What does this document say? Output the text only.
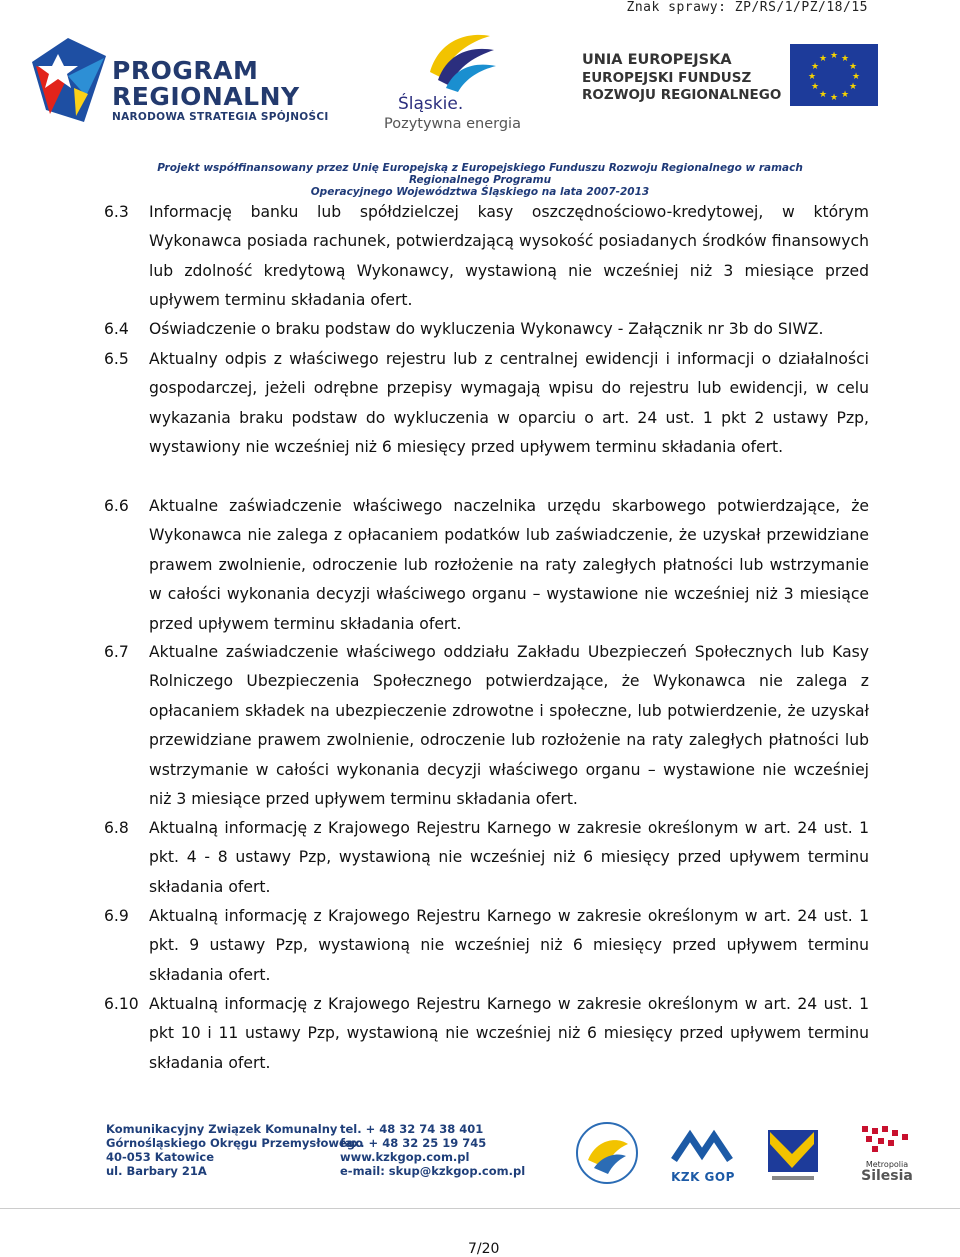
Znak sprawy: ZP/RS/1/PZ/18/15
PROGRAM
REGIONALNY
NARODOWA STRATEGIA SPÓJNOŚCI
Śląskie.
Pozytywna energia
UNIA EUROPEJSKA
EUROPEJSKI FUNDUSZ
ROZWOJU REGIONALNEGO
★ ★
★
★
★
★
★
★
★
★
★
★
Projekt współfinansowany przez Unię Europejską z Europejskiego Funduszu Rozwoju Regionalnego w ramach Regionalnego Programu
Operacyjnego Województwa Śląskiego na lata 2007-2013
6.3 Informację banku lub spółdzielczej kasy oszczędnościowo-kredytowej, w którym Wykonawca posiada rachunek, potwierdzającą wysokość posiadanych środków finansowych lub zdolność kredytową Wykonawcy, wystawioną nie wcześniej niż 3 miesiące przed upływem terminu składania ofert.
6.4 Oświadczenie o braku podstaw do wykluczenia Wykonawcy - Załącznik nr 3b do SIWZ.
6.5 Aktualny odpis z właściwego rejestru lub z centralnej ewidencji i informacji o działalności gospodarczej, jeżeli odrębne przepisy wymagają wpisu do rejestru lub ewidencji, w celu wykazania braku podstaw do wykluczenia w oparciu o art. 24 ust. 1 pkt 2 ustawy Pzp, wystawiony nie wcześniej niż 6 miesięcy przed upływem terminu składania ofert.
6.6 Aktualne zaświadczenie właściwego naczelnika urzędu skarbowego potwierdzające, że Wykonawca nie zalega z opłacaniem podatków lub zaświadczenie, że uzyskał przewidziane prawem zwolnienie, odroczenie lub rozłożenie na raty zaległych płatności lub wstrzymanie w całości wykonania decyzji właściwego organu – wystawione nie wcześniej niż 3 miesiące przed upływem terminu składania ofert.
6.7 Aktualne zaświadczenie właściwego oddziału Zakładu Ubezpieczeń Społecznych lub Kasy Rolniczego Ubezpieczenia Społecznego potwierdzające, że Wykonawca nie zalega z opłacaniem składek na ubezpieczenie zdrowotne i społeczne, lub potwierdzenie, że uzyskał przewidziane prawem zwolnienie, odroczenie lub rozłożenie na raty zaległych płatności lub wstrzymanie w całości wykonania decyzji właściwego organu – wystawione nie wcześniej niż 3 miesiące przed upływem terminu składania ofert.
6.8 Aktualną informację z Krajowego Rejestru Karnego w zakresie określonym w art. 24 ust. 1 pkt. 4 - 8 ustawy Pzp, wystawioną nie wcześniej niż 6 miesięcy przed upływem terminu składania ofert.
6.9 Aktualną informację z Krajowego Rejestru Karnego w zakresie określonym w art. 24 ust. 1 pkt. 9 ustawy Pzp, wystawioną nie wcześniej niż 6 miesięcy przed upływem terminu składania ofert.
6.10 Aktualną informację z Krajowego Rejestru Karnego w zakresie określonym w art. 24 ust. 1 pkt 10 i 11 ustawy Pzp, wystawioną nie wcześniej niż 6 miesięcy przed upływem terminu składania ofert.
Komunikacyjny Związek Komunalny
Górnośląskiego Okręgu Przemysłowego
40-053 Katowice
ul. Barbary 21A
tel. + 48 32 74 38 401
fax. + 48 32 25 19 745
www.kzkgop.com.pl
e-mail: skup@kzkgop.com.pl	KZK GOP
Metropolia
Silesia
7/20
